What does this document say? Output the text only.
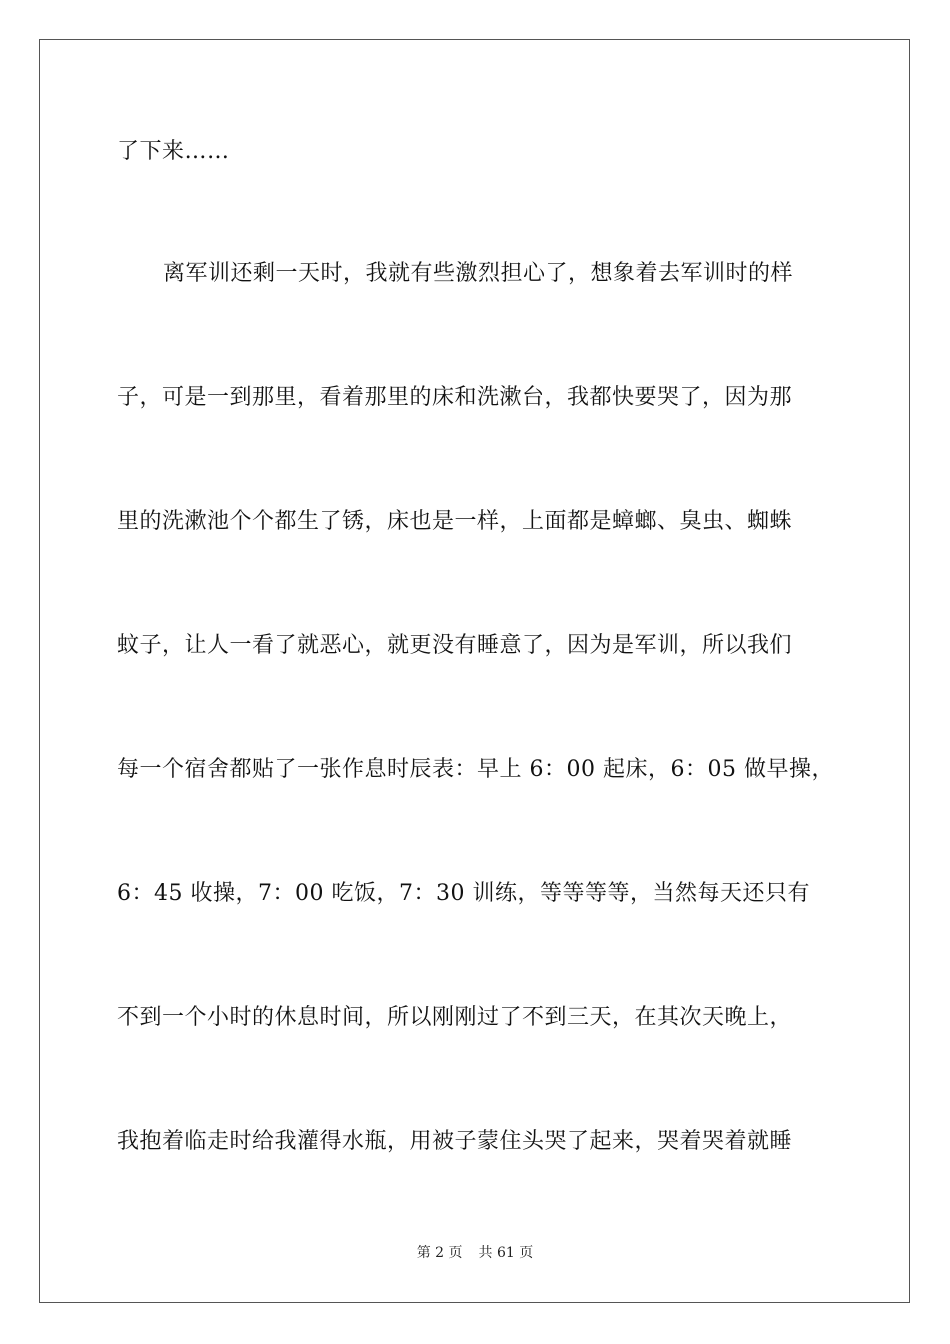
了下来……
离军训还剩一天时，我就有些激烈担心了，想象着去军训时的样
子，可是一到那里，看着那里的床和洗漱台，我都快要哭了，因为那
里的洗漱池个个都生了锈，床也是一样，上面都是蟑螂、臭虫、蜘蛛
蚊子，让人一看了就恶心，就更没有睡意了，因为是军训，所以我们
每一个宿舍都贴了一张作息时辰表：早上 6：00 起床，6：05 做早操，
6：45 收操，7：00 吃饭，7：30 训练，等等等等，当然每天还只有
不到一个小时的休息时间，所以刚刚过了不到三天，在其次天晚上，
我抱着临走时给我灌得水瓶，用被子蒙住头哭了起来，哭着哭着就睡
第 2 页 共 61 页
